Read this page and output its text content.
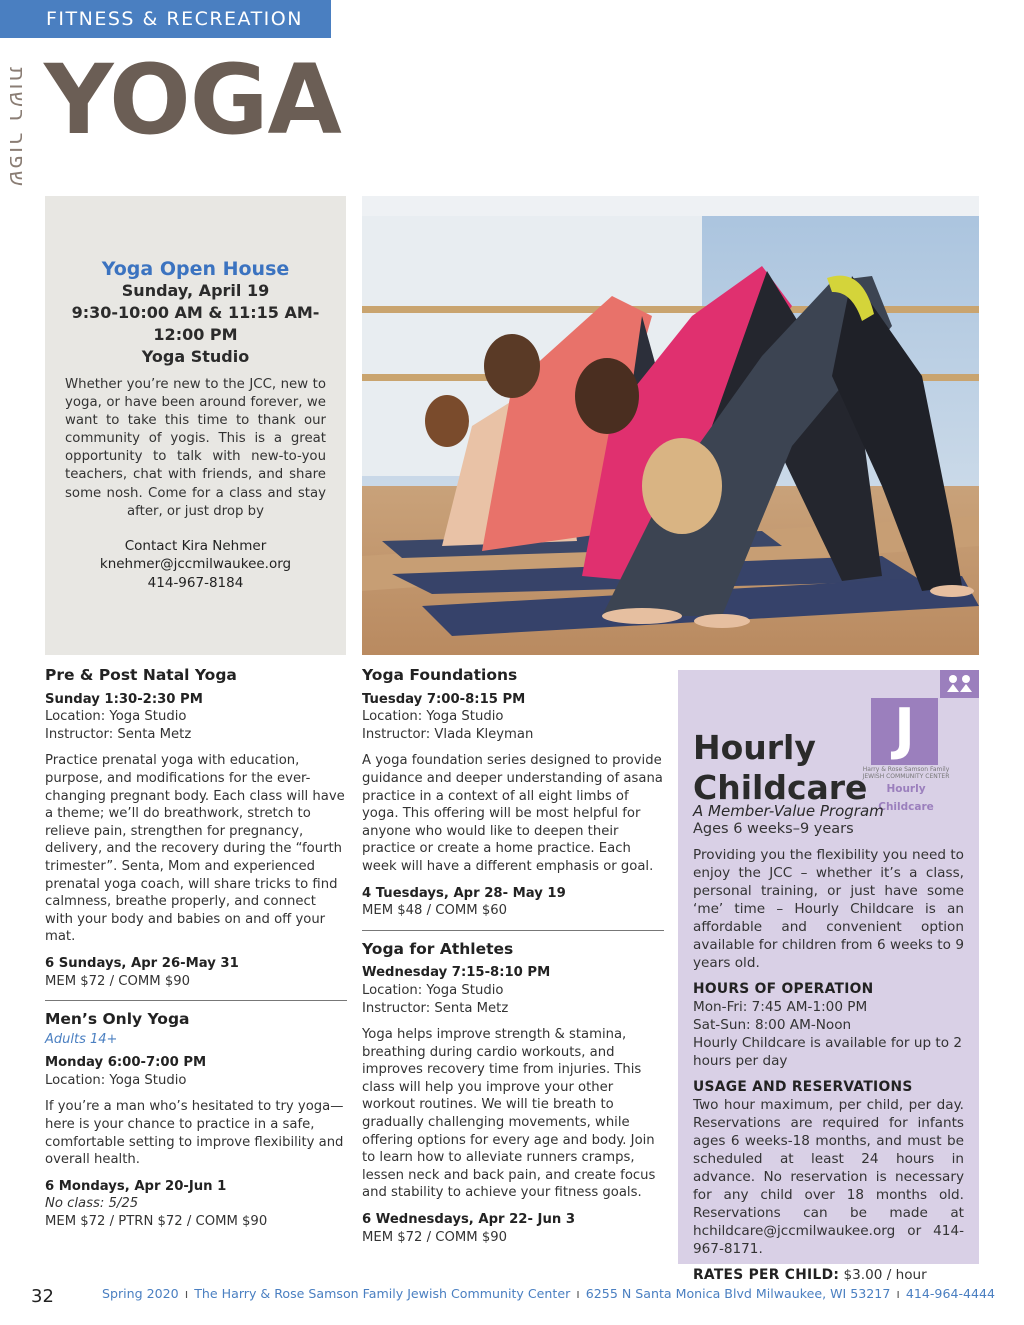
FITNESS & RECREATION
שפור רשות YOGA
Yoga Open House
Sunday, April 19
9:30-10:00 AM & 11:15 AM-
12:00 PM
Yoga Studio
Whether you’re new to the JCC, new to yoga, or have been around forever, we want to take this time to thank our community of yogis. This is a great opportunity to talk with new-to-you teachers, chat with friends, and share some nosh. Come for a class and stay after, or just drop by
Contact Kira Nehmer
knehmer@jccmilwaukee.org
414-967-8184
Pre & Post Natal Yoga
Sunday 1:30-2:30 PM
Location: Yoga Studio
Instructor: Senta Metz
Practice prenatal yoga with education, purpose, and modifications for the ever-changing pregnant body. Each class will have a theme; we’ll do breathwork, stretch to relieve pain, strengthen for pregnancy, delivery, and the recovery during the “fourth trimester”. Senta, Mom and experienced prenatal yoga coach, will share tricks to find calmness, breathe properly, and connect with your body and babies on and off your mat.
6 Sundays, Apr 26-May 31
MEM $72 / COMM $90
Men’s Only Yoga
Adults 14+
Monday 6:00-7:00 PM
Location: Yoga Studio
If you’re a man who’s hesitated to try yoga—here is your chance to practice in a safe, comfortable setting to improve flexibility and overall health.
6 Mondays, Apr 20-Jun 1
No class: 5/25
MEM $72 / PTRN $72 / COMM $90
Yoga Foundations
Tuesday 7:00-8:15 PM
Location: Yoga Studio
Instructor: Vlada Kleyman
A yoga foundation series designed to provide guidance and deeper understanding of asana practice in a context of all eight limbs of yoga. This offering will be most helpful for anyone who would like to deepen their practice or create a home practice. Each week will have a different emphasis or goal.
4 Tuesdays, Apr 28- May 19
MEM $48 / COMM $60
Yoga for Athletes
Wednesday 7:15-8:10 PM
Location: Yoga Studio
Instructor: Senta Metz
Yoga helps improve strength & stamina, breathing during cardio workouts, and improves recovery time from injuries. This class will help you improve your other workout routines. We will tie breath to gradually challenging movements, while offering options for every age and body. Join to learn how to alleviate runners cramps, lessen neck and back pain, and create focus and stability to achieve your fitness goals.
6 Wednesdays, Apr 22- Jun 3
MEM $72 / COMM $90
J
Harry & Rose Samson Family JEWISH COMMUNITY CENTER
Hourly Childcare
Hourly
Childcare
A Member-Value Program
Ages 6 weeks–9 years
Providing you the flexibility you need to enjoy the JCC – whether it’s a class, personal training, or just have some ‘me’ time – Hourly Childcare is an affordable and convenient option available for children from 6 weeks to 9 years old.
HOURS OF OPERATION
Mon-Fri: 7:45 AM-1:00 PM
Sat-Sun: 8:00 AM-Noon
Hourly Childcare is available for up to 2 hours per day
USAGE AND RESERVATIONS
Two hour maximum, per child, per day. Reservations are required for infants ages 6 weeks-18 months, and must be scheduled at least 24 hours in advance. No reservation is necessary for any child over 18 months old. Reservations can be made at hchildcare@jccmilwaukee.org or 414-967-8171.
RATES PER CHILD: $3.00 / hour
32	Spring 2020 ı The Harry & Rose Samson Family Jewish Community Center ı 6255 N Santa Monica Blvd Milwaukee, WI 53217 ı 414-964-4444
